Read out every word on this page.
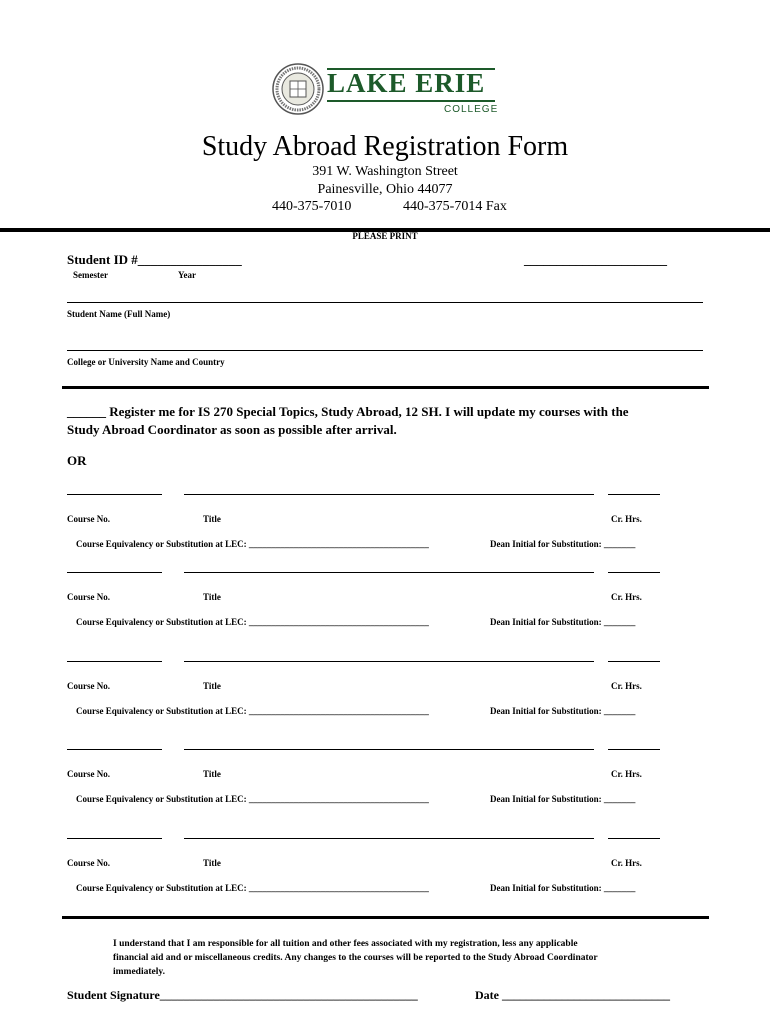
LAKE ERIE
COLLEGE
Study Abroad Registration Form
391 W. Washington Street
Painesville, Ohio 44077
440-375-7010	440-375-7014 Fax
PLEASE PRINT
Student ID #________________	______________________
Semester	Year
Student Name (Full Name)
College or University Name and Country
______ Register me for IS 270 Special Topics, Study Abroad, 12 SH. I will update my courses with the
Study Abroad Coordinator as soon as possible after arrival.
OR
Course No.	Title	Cr. Hrs.
Course Equivalency or Substitution at LEC: ________________________________________	Dean Initial for Substitution: _______
Course No.	Title	Cr. Hrs.
Course Equivalency or Substitution at LEC: ________________________________________	Dean Initial for Substitution: _______
Course No.	Title	Cr. Hrs.
Course Equivalency or Substitution at LEC: ________________________________________	Dean Initial for Substitution: _______
Course No.	Title	Cr. Hrs.
Course Equivalency or Substitution at LEC: ________________________________________	Dean Initial for Substitution: _______
Course No.	Title	Cr. Hrs.
Course Equivalency or Substitution at LEC: ________________________________________	Dean Initial for Substitution: _______
I understand that I am responsible for all tuition and other fees associated with my registration, less any applicable
financial aid and or miscellaneous credits. Any changes to the courses will be reported to the Study Abroad Coordinator
immediately.
Student Signature___________________________________________	Date ____________________________
